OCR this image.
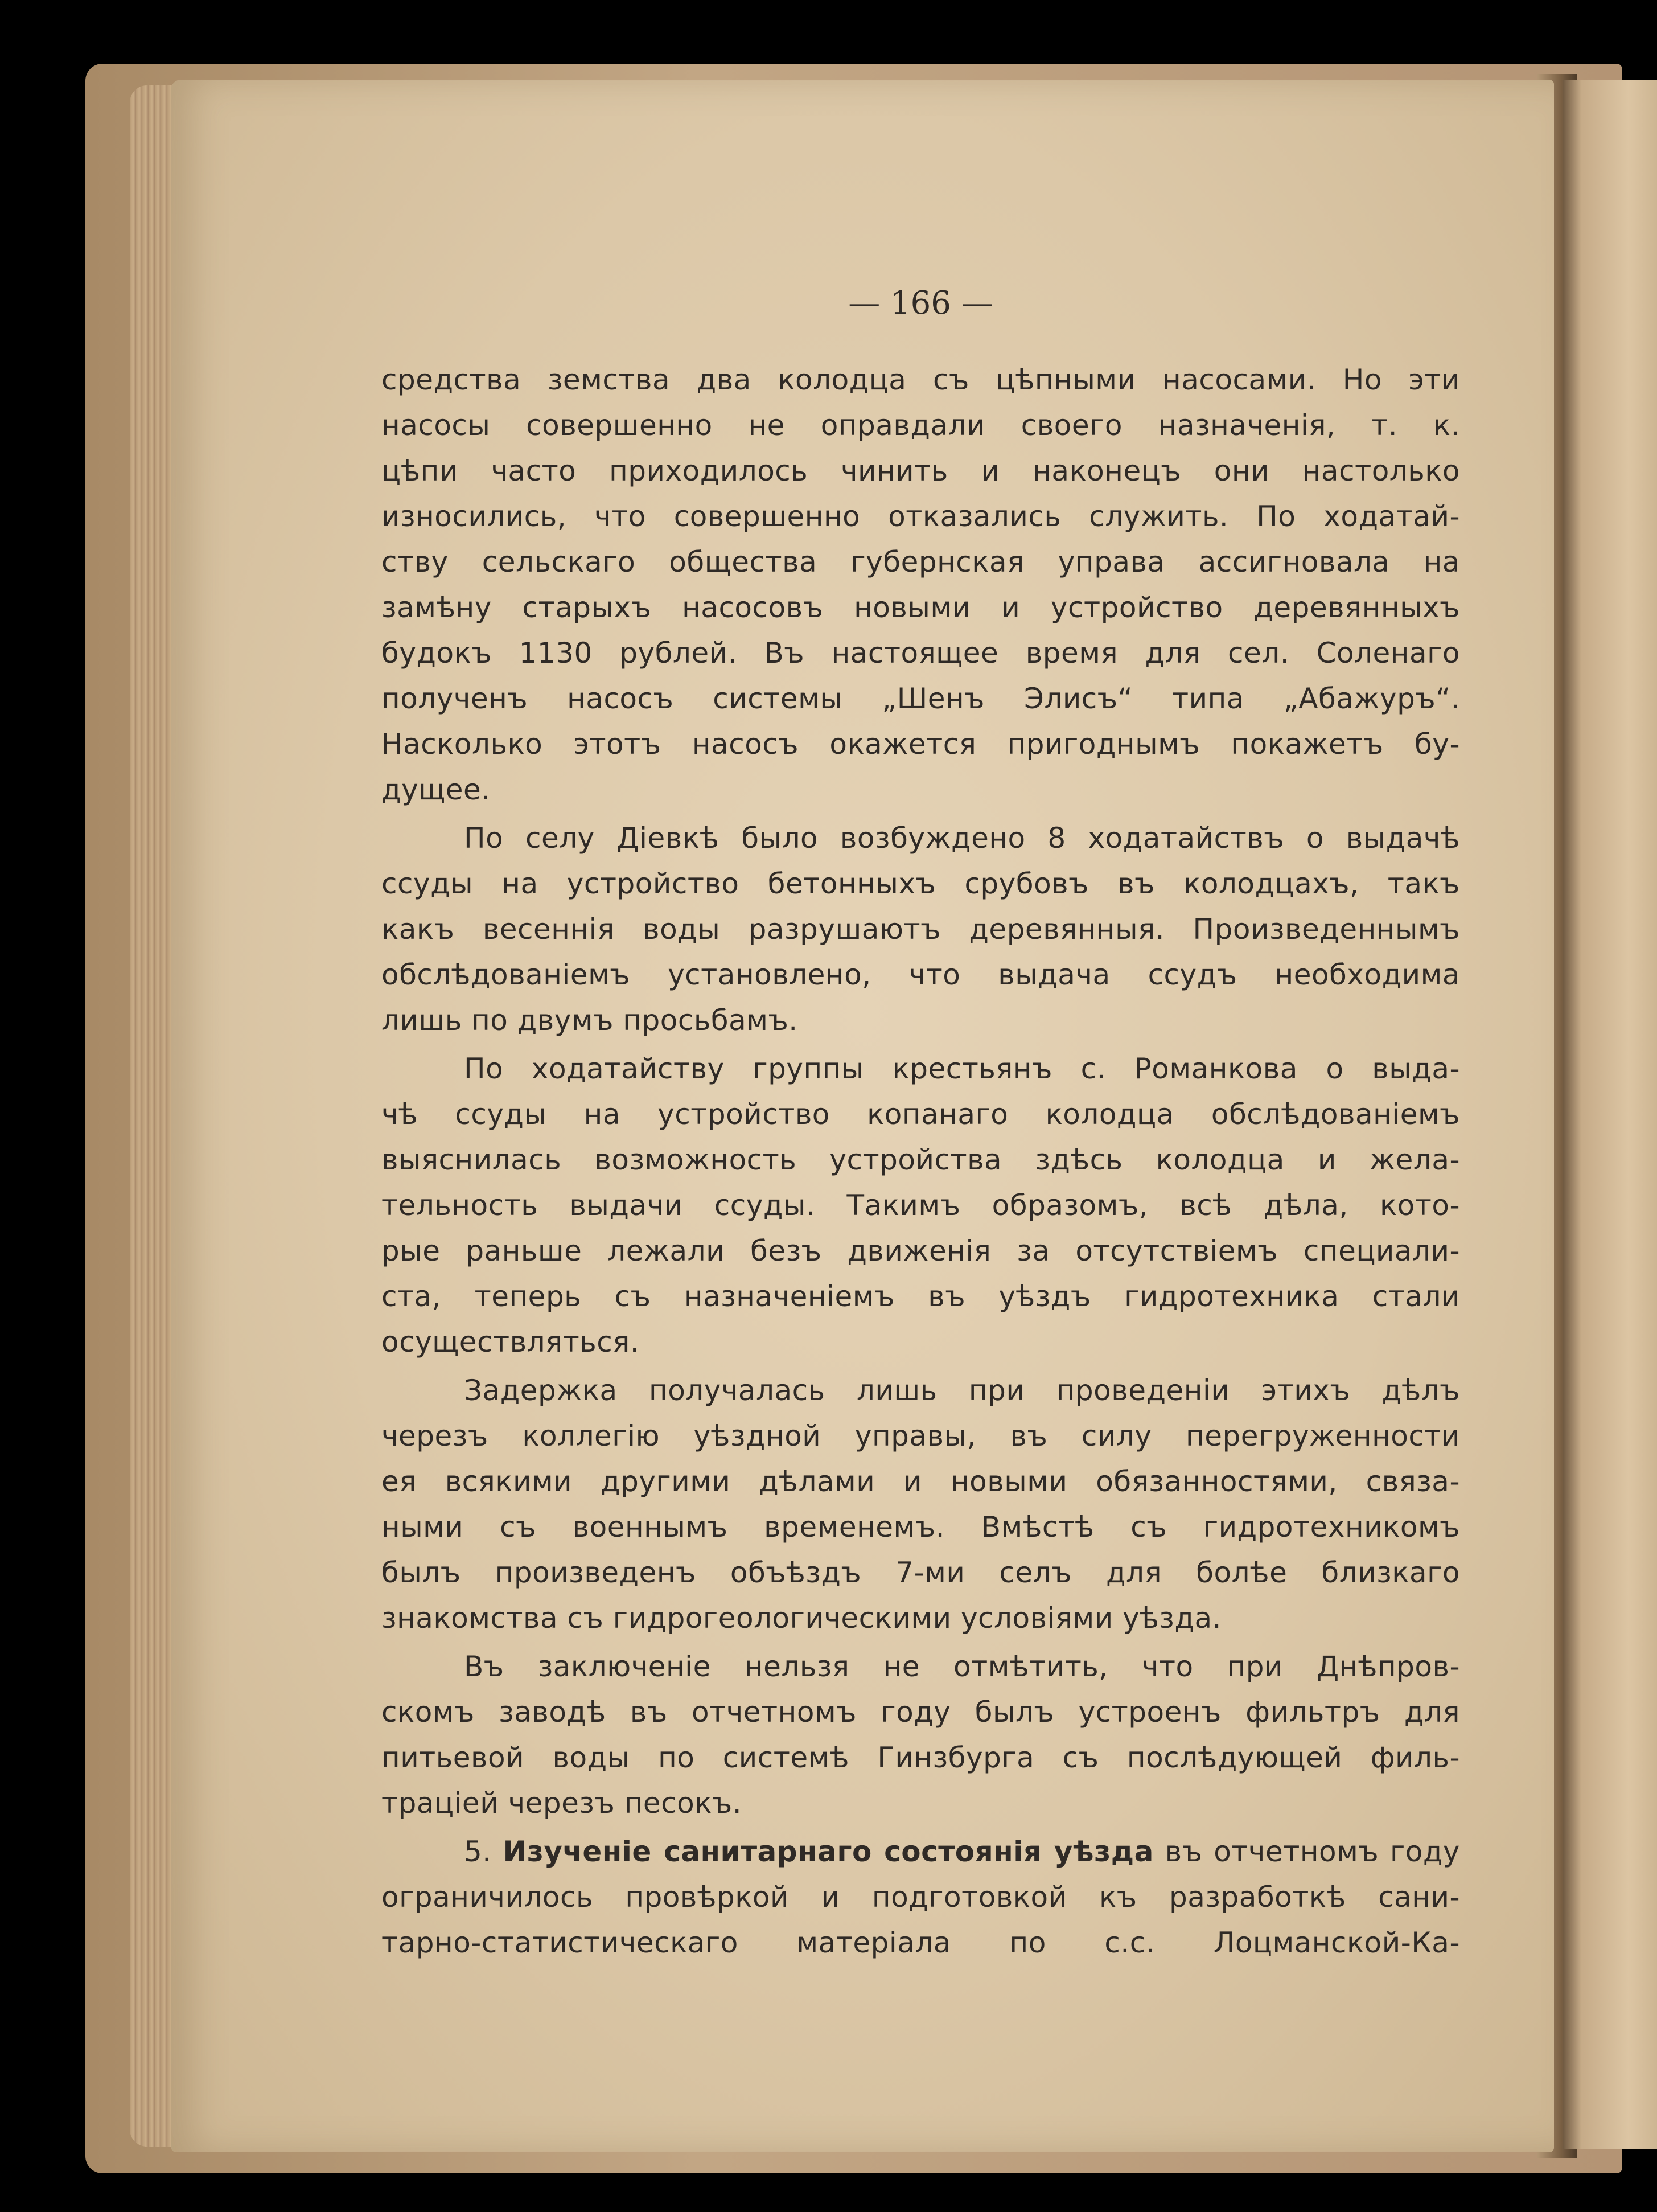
— 166 —
средства земства два колодца съ цѣпными насосами. Но эти
насосы совершенно не оправдали своего назначенія, т. к.
цѣпи часто приходилось чинить и наконецъ они настолько
износились, что совершенно отказались служить. По ходатай-
ству сельскаго общества губернская управа ассигновала на
замѣну старыхъ насосовъ новыми и устройство деревянныхъ
будокъ 1130 рублей. Въ настоящее время для сел. Соленаго
полученъ насосъ системы „Шенъ Элисъ“ типа „Абажуръ“.
Насколько этотъ насосъ окажется пригоднымъ покажетъ бу-
дущее.
По селу Діевкѣ было возбуждено 8 ходатайствъ о выдачѣ
ссуды на устройство бетонныхъ срубовъ въ колодцахъ, такъ
какъ весеннія воды разрушаютъ деревянныя. Произведеннымъ
обслѣдованіемъ установлено, что выдача ссудъ необходима
лишь по двумъ просьбамъ.
По ходатайству группы крестьянъ с. Романкова о выда-
чѣ ссуды на устройство копанаго колодца обслѣдованіемъ
выяснилась возможность устройства здѣсь колодца и жела-
тельность выдачи ссуды. Такимъ образомъ, всѣ дѣла, кото-
рые раньше лежали безъ движенія за отсутствіемъ специали-
ста, теперь съ назначеніемъ въ уѣздъ гидротехника стали
осуществляться.
Задержка получалась лишь при проведеніи этихъ дѣлъ
черезъ коллегію уѣздной управы, въ силу перегруженности
ея всякими другими дѣлами и новыми обязанностями, связа-
ными съ военнымъ временемъ. Вмѣстѣ съ гидротехникомъ
былъ произведенъ объѣздъ 7-ми селъ для болѣе близкаго
знакомства съ гидрогеологическими условіями уѣзда.
Въ заключеніе нельзя не отмѣтить, что при Днѣпров-
скомъ заводѣ въ отчетномъ году былъ устроенъ фильтръ для
питьевой воды по системѣ Гинзбурга съ послѣдующей филь-
траціей черезъ песокъ.
5. Изученіе санитарнаго состоянія уѣзда въ отчетномъ году
ограничилось провѣркой и подготовкой къ разработкѣ сани-
тарно-статистическаго матеріала по с.с. Лоцманской-Ка-
